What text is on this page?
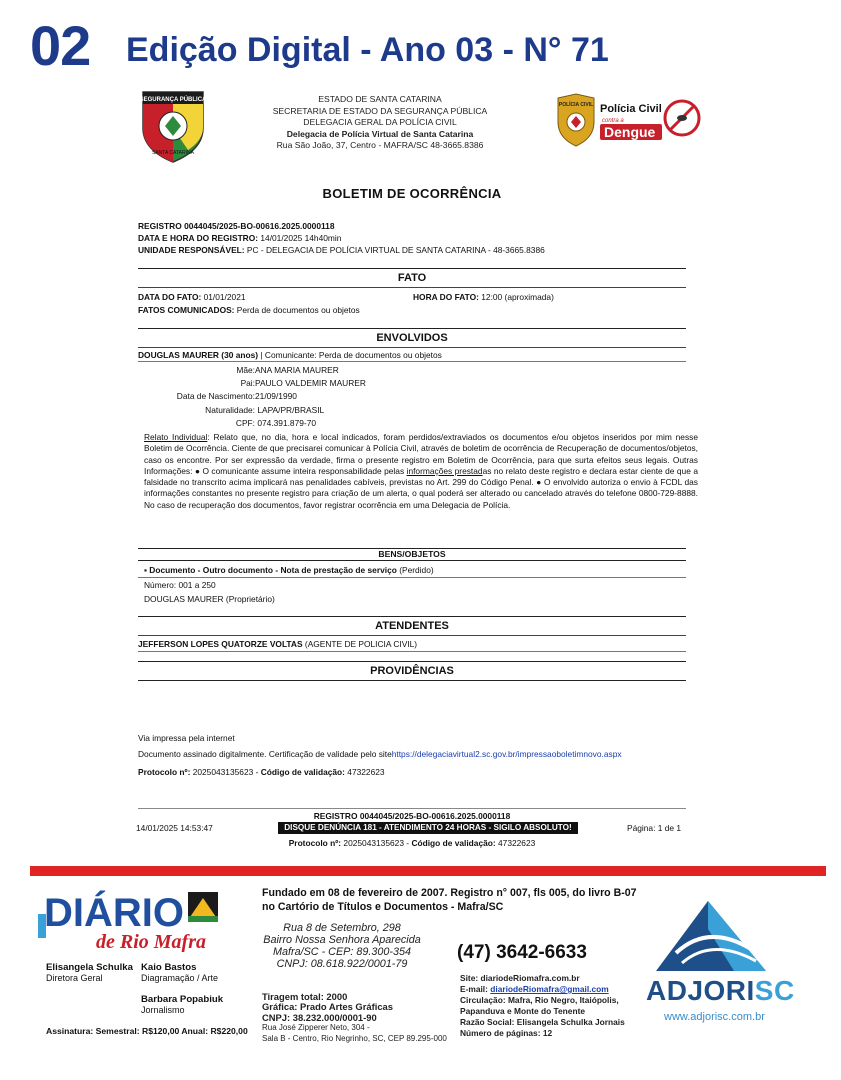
02 Edição Digital - Ano 03 - N° 71
SEGURANÇA PÚBLICA
SANTA CATARINA
POLÍCIA CIVIL Polícia Civil
contra a
Dengue
ESTADO DE SANTA CATARINA
SECRETARIA DE ESTADO DA SEGURANÇA PÚBLICA
DELEGACIA GERAL DA POLÍCIA CIVIL
Delegacia de Polícia Virtual de Santa Catarina
Rua São João, 37, Centro - MAFRA/SC 48-3665.8386
BOLETIM DE OCORRÊNCIA
REGISTRO 0044045/2025-BO-00616.2025.0000118
DATA E HORA DO REGISTRO: 14/01/2025 14h40min
UNIDADE RESPONSÁVEL: PC - DELEGACIA DE POLÍCIA VIRTUAL DE SANTA CATARINA - 48-3665.8386
FATO
DATA DO FATO: 01/01/2021	HORA DO FATO: 12:00 (aproximada)
FATOS COMUNICADOS: Perda de documentos ou objetos
ENVOLVIDOS
DOUGLAS MAURER (30 anos) | Comunicante: Perda de documentos ou objetos
Mãe: ANA MARIA MAURER
Pai: PAULO VALDEMIR MAURER
Data de Nascimento: 21/09/1990
Naturalidade:
LAPA/PR/BRASIL
CPF:
074.391.879-70
Relato Individual: Relato que, no dia, hora e local indicados, foram perdidos/extraviados os documentos e/ou objetos inseridos por mim nesse Boletim de Ocorrência. Ciente de que precisarei comunicar à Polícia Civil, através de boletim de ocorrência de Recuperação de documentos/objetos, caso os encontre. Por ser expressão da verdade, firma o presente registro em Boletim de Ocorrência, para que surta efeitos seus legais. Outras Informações: ● O comunicante assume inteira responsabilidade pelas informações prestadas no relato deste registro e declara estar ciente de que a falsidade no transcrito acima implicará nas penalidades cabíveis, previstas no Art. 299 do Código Penal. ● O envolvido autoriza o envio à FCDL das informações constantes no presente registro para criação de um alerta, o qual poderá ser alterado ou cancelado através do telefone 0800-729-8888. No caso de recuperação dos documentos, favor registrar ocorrência em uma Delegacia de Polícia.
BENS/OBJETOS
▪ Documento - Outro documento - Nota de prestação de serviço (Perdido)
Número: 001 a 250
DOUGLAS MAURER (Proprietário)
ATENDENTES
JEFFERSON LOPES QUATORZE VOLTAS (AGENTE DE POLICIA CIVIL)
PROVIDÊNCIAS
Via impressa pela internet
Documento assinado digitalmente. Certificação de validade pelo sitehttps://delegaciavirtual2.sc.gov.br/impressaoboletimnovo.aspx
Protocolo nº: 2025043135623 - Código de validação: 47322623
REGISTRO 0044045/2025-BO-00616.2025.0000118
14/01/2025 14:53:47	DISQUE DENÚNCIA 181 - ATENDIMENTO 24 HORAS - SIGILO ABSOLUTO!	Página: 1 de 1
Protocolo nº: 2025043135623 - Código de validação: 47322623
DIÁRIO
de Rio Mafra
Elisangela Schulka
Diretora Geral
Kaio Bastos
Diagramação / Arte
Barbara Popabiuk
Jornalismo
Assinatura: Semestral: R$120,00 Anual: R$220,00
Fundado em 08 de fevereiro de 2007. Registro n° 007, fls 005, do livro B-07
no Cartório de Títulos e Documentos - Mafra/SC
Rua 8 de Setembro, 298
Bairro Nossa Senhora Aparecida
Mafra/SC - CEP: 89.300-354
CNPJ: 08.618.922/0001-79
(47) 3642-6633
Site: diariodeRiomafra.com.br
E-mail: diariodeRiomafra@gmail.com
Circulação: Mafra, Rio Negro, Itaiópolis, Papanduva e Monte do Tenente
Razão Social: Elisangela Schulka Jornais
Número de páginas: 12
Tiragem total: 2000
Gráfica: Prado Artes Gráficas
CNPJ: 38.232.000/0001-90
Rua José Zipperer Neto, 304 -
Sala B - Centro, Rio Negrinho, SC, CEP 89.295-000
ADJORISC
www.adjorisc.com.br
